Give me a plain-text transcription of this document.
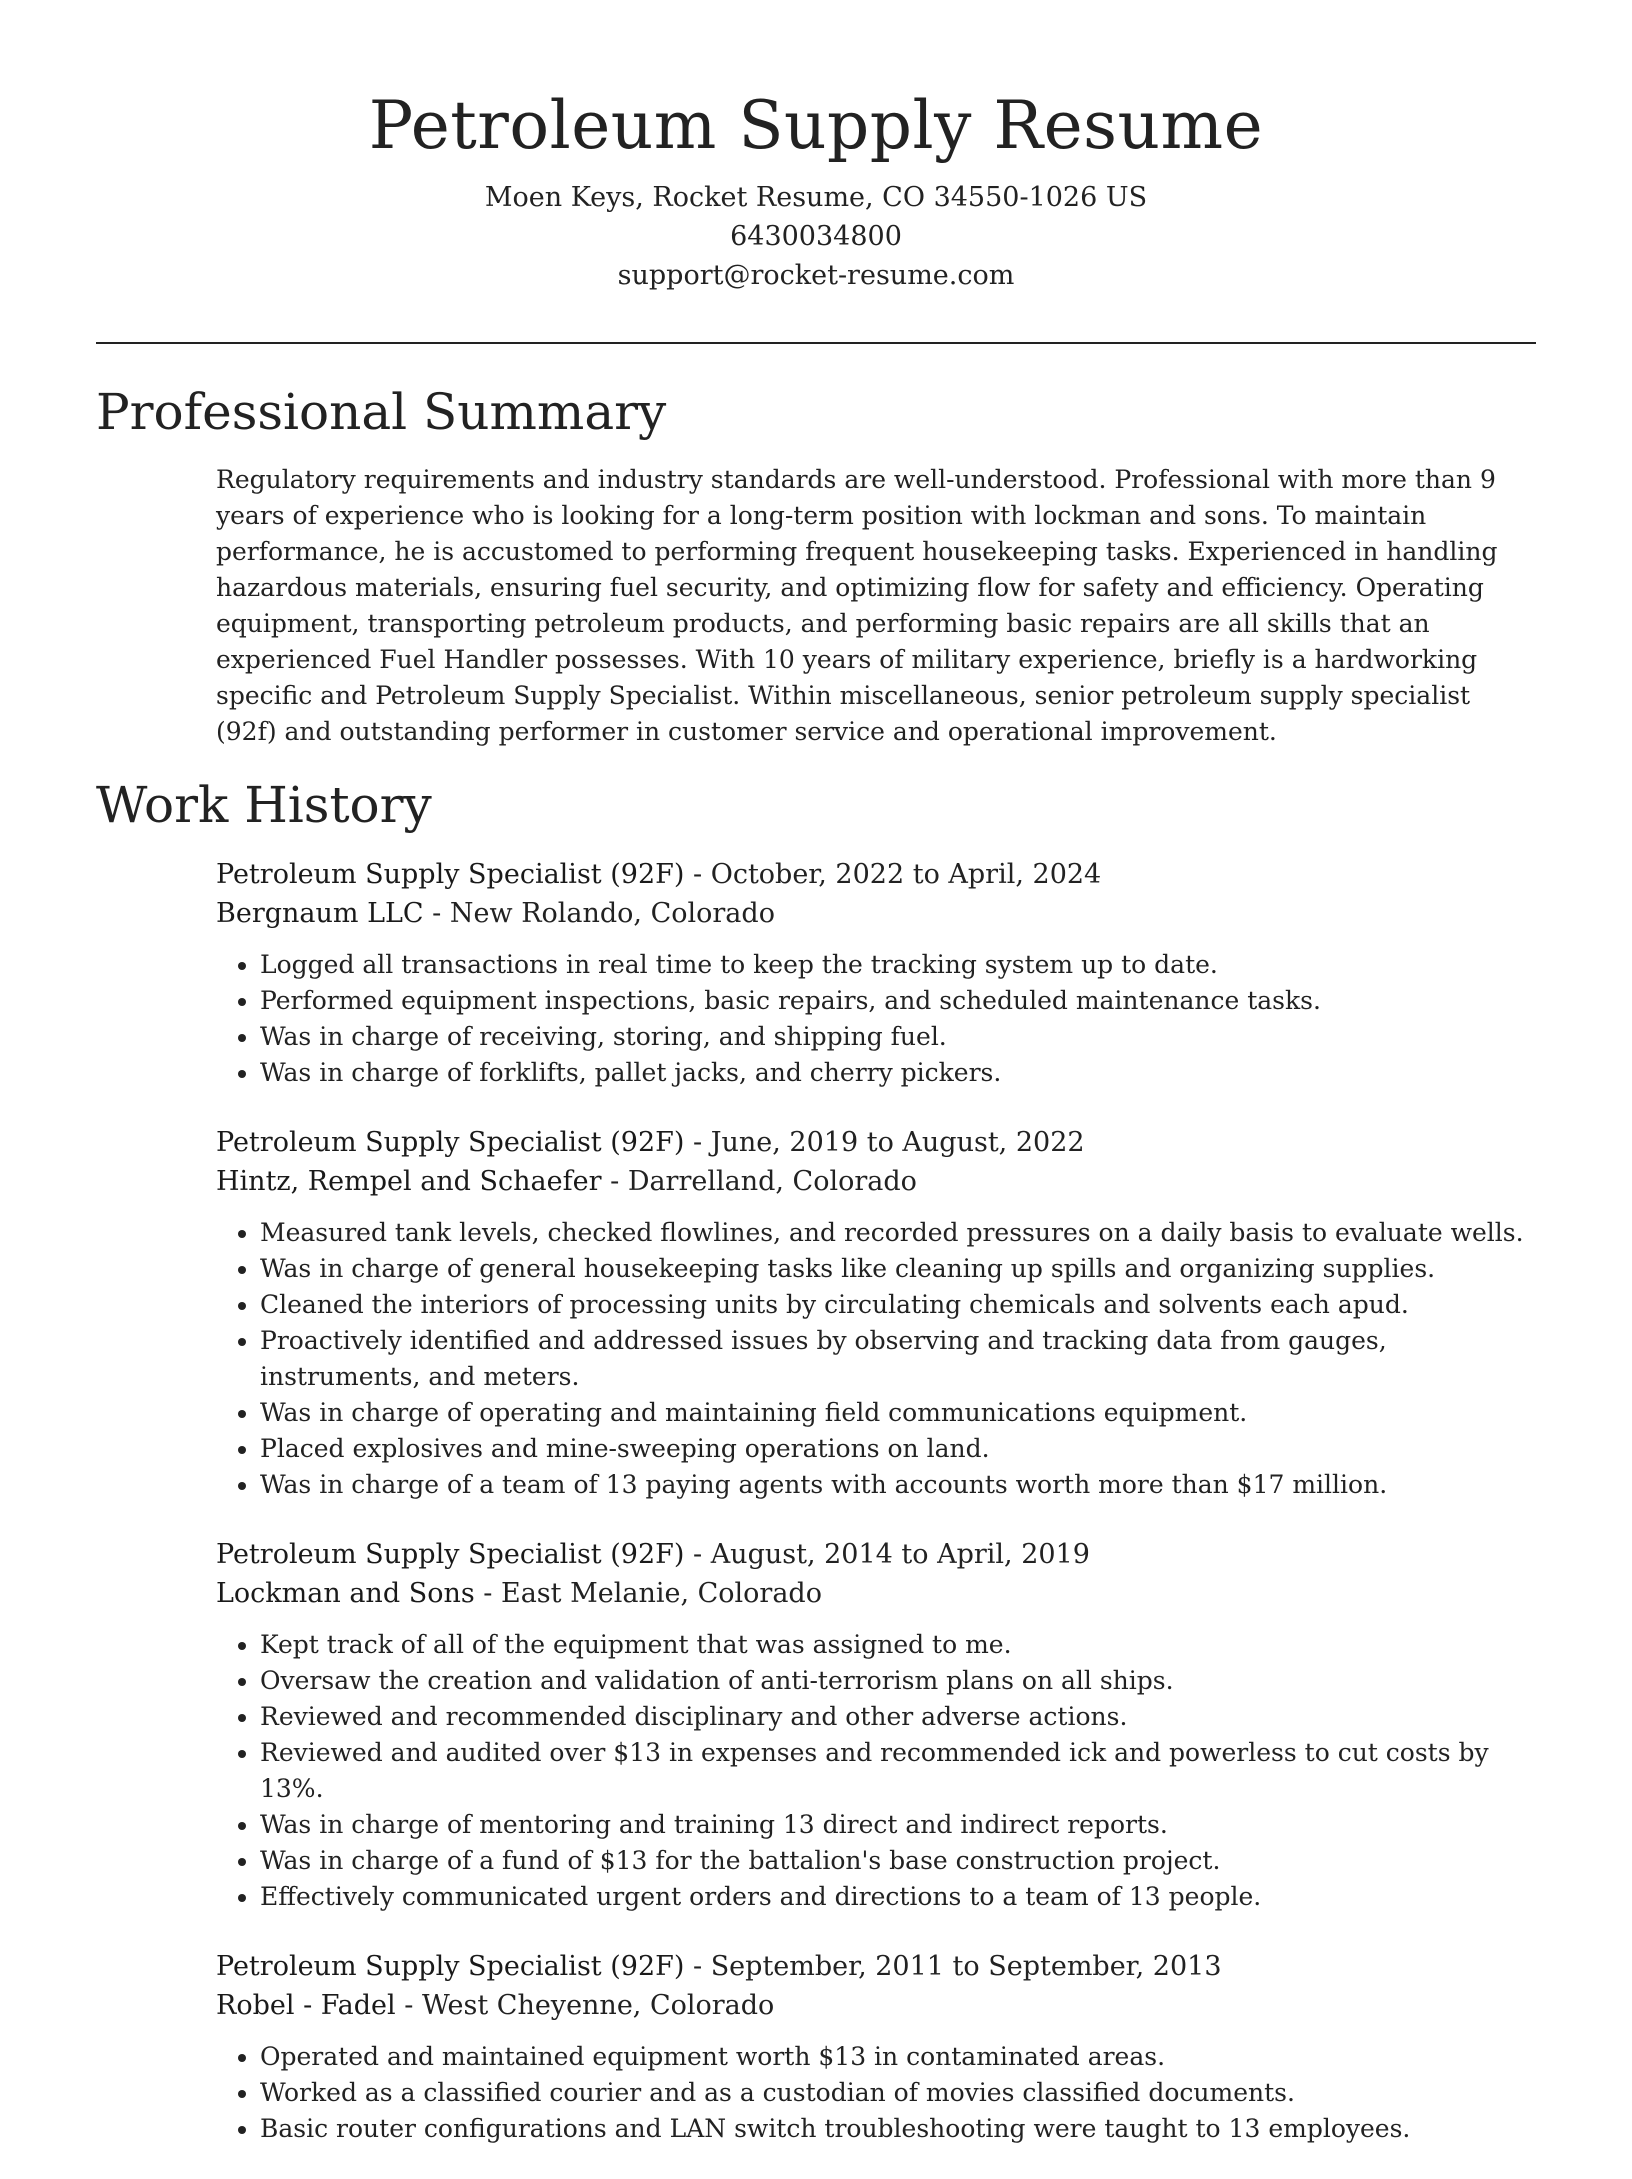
Petroleum Supply Resume
Moen Keys, Rocket Resume, CO 34550-1026 US
6430034800
support@rocket-resume.com
Professional Summary

Regulatory requirements and industry standards are well-understood. Professional with more than 9 years of experience who is looking for a long-term position with lockman and sons. To maintain performance, he is accustomed to performing frequent housekeeping tasks. Experienced in handling hazardous materials, ensuring fuel security, and optimizing flow for safety and efficiency. Operating equipment, transporting petroleum products, and performing basic repairs are all skills that an experienced Fuel Handler possesses. With 10 years of military experience, briefly is a hardworking specific and Petroleum Supply Specialist. Within miscellaneous, senior petroleum supply specialist (92f) and outstanding performer in customer service and operational improvement.

Work History
Petroleum Supply Specialist (92F) - October, 2022 to April, 2024
Bergnaum LLC - New Rolando, Colorado
• Logged all transactions in real time to keep the tracking system up to date.
• Performed equipment inspections, basic repairs, and scheduled maintenance tasks.
• Was in charge of receiving, storing, and shipping fuel.
• Was in charge of forklifts, pallet jacks, and cherry pickers.
Petroleum Supply Specialist (92F) - June, 2019 to August, 2022
Hintz, Rempel and Schaefer - Darrelland, Colorado
• Measured tank levels, checked flowlines, and recorded pressures on a daily basis to evaluate wells.
• Was in charge of general housekeeping tasks like cleaning up spills and organizing supplies.
• Cleaned the interiors of processing units by circulating chemicals and solvents each apud.
• Proactively identified and addressed issues by observing and tracking data from gauges, instruments, and meters.
• Was in charge of operating and maintaining field communications equipment.
• Placed explosives and mine-sweeping operations on land.
• Was in charge of a team of 13 paying agents with accounts worth more than $17 million.
Petroleum Supply Specialist (92F) - August, 2014 to April, 2019
Lockman and Sons - East Melanie, Colorado
• Kept track of all of the equipment that was assigned to me.
• Oversaw the creation and validation of anti-terrorism plans on all ships.
• Reviewed and recommended disciplinary and other adverse actions.
• Reviewed and audited over $13 in expenses and recommended ick and powerless to cut costs by 13%.
• Was in charge of mentoring and training 13 direct and indirect reports.
• Was in charge of a fund of $13 for the battalion's base construction project.
• Effectively communicated urgent orders and directions to a team of 13 people.
Petroleum Supply Specialist (92F) - September, 2011 to September, 2013
Robel - Fadel - West Cheyenne, Colorado
• Operated and maintained equipment worth $13 in contaminated areas.
• Worked as a classified courier and as a custodian of movies classified documents.
• Basic router configurations and LAN switch troubleshooting were taught to 13 employees.
